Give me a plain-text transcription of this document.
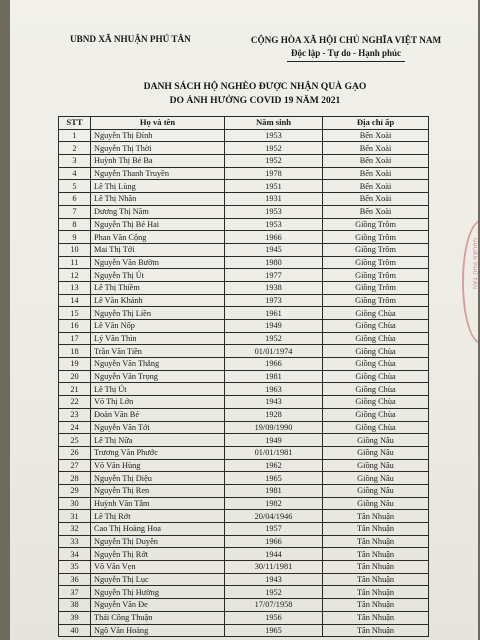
UBND XÃ NHUẬN PHÚ TÂN	CỘNG HÒA XÃ HỘI CHỦ NGHĨA VIỆT NAM
Độc lập - Tự do - Hạnh phúc
DANH SÁCH HỘ NGHÈO ĐƯỢC NHẬN QUÀ GẠO
DO ẢNH HƯỞNG COVID 19 NĂM 2021
STT	Họ và tên	Năm sinh	Địa chỉ ấp
1	Nguyễn Thị Đính	1953	Bến Xoài
2	Nguyễn Thị Thời	1952	Bến Xoài
3	Huỳnh Thị Bé Ba	1952	Bến Xoài
4	Nguyễn Thanh Truyền	1978	Bến Xoài
5	Lê Thị Lùng	1951	Bến Xoài
6	Lê Thị Nhân	1931	Bến Xoài
7	Dương Thị Năm	1953	Bến Xoài
8	Nguyễn Thị Bé Hai	1953	Giồng Trôm
9	Phan Văn Cộng	1966	Giồng Trôm
10	Mai Thị Tới	1945	Giồng Trôm
11	Nguyễn Văn Bườm	1980	Giồng Trôm
12	Nguyễn Thị Út	1977	Giồng Trôm
13	Lê Thị Thiềm	1938	Giồng Trôm
14	Lê Văn Khánh	1973	Giồng Trôm
15	Nguyễn Thị Liền	1961	Giồng Chùa
16	Lê Văn Nốp	1949	Giồng Chùa
17	Lý Văn Thìn	1952	Giồng Chùa
18	Trần Văn Tiền	01/01/1974	Giồng Chùa
19	Nguyễn Văn Thắng	1966	Giồng Chùa
20	Nguyễn Văn Trọng	1981	Giồng Chùa
21	Lê Thị Út	1963	Giồng Chùa
22	Võ Thị Lớn	1943	Giồng Chùa
23	Đoàn Văn Bé	1928	Giồng Chùa
24	Nguyễn Văn Tới	19/09/1990	Giồng Chùa
25	Lê Thị Nữa	1949	Giồng Nâu
26	Trương Văn Phước	01/01/1981	Giồng Nâu
27	Võ Văn Hùng	1962	Giồng Nâu
28	Nguyễn Thị Diệu	1965	Giồng Nâu
29	Nguyễn Thị Ren	1981	Giồng Nâu
30	Huỳnh Văn Tâm	1982	Giồng Nâu
31	Lê Thị Rớt	20/04/1946	Tân Nhuận
32	Cao Thị Hoàng Hoa	1957	Tân Nhuận
33	Nguyễn Thị Duyên	1966	Tân Nhuận
34	Nguyễn Thị Rớt	1944	Tân Nhuận
35	Võ Văn Vẹn	30/11/1981	Tân Nhuận
36	Nguyễn Thị Lục	1943	Tân Nhuận
37	Nguyễn Thị Hường	1952	Tân Nhuận
38	Nguyễn Văn Đe	17/07/1958	Tân Nhuận
39	Thái Công Thuận	1956	Tân Nhuận
40	Ngô Văn Hoàng	1965	Tân Nhuận
NHUẬN PHÚ TÂN
